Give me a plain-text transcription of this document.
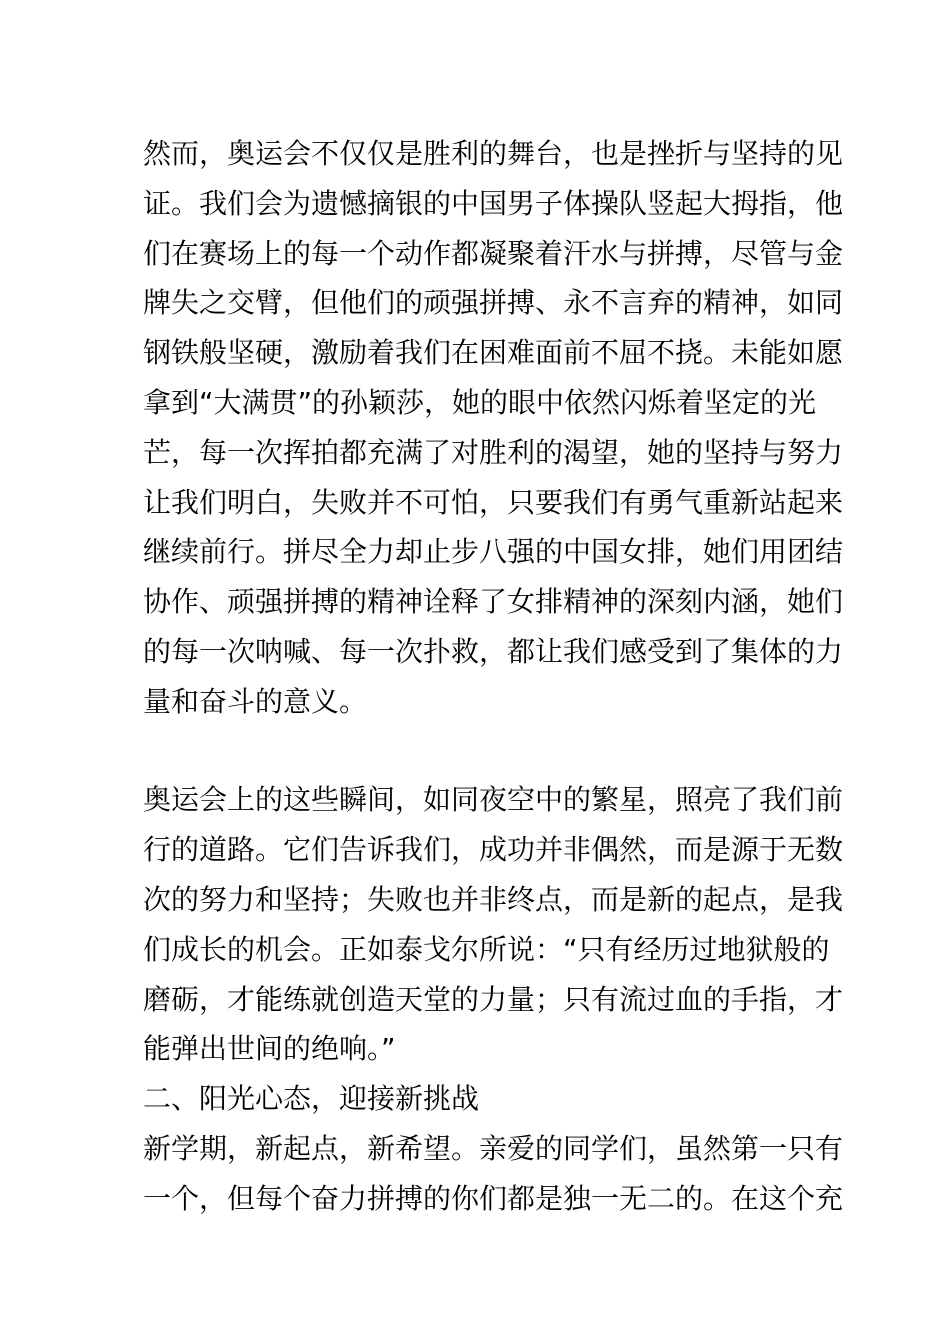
然而，奥运会不仅仅是胜利的舞台，也是挫折与坚持的见

证。我们会为遗憾摘银的中国男子体操队竖起大拇指，他

们在赛场上的每一个动作都凝聚着汗水与拼搏，尽管与金

牌失之交臂，但他们的顽强拼搏、永不言弃的精神，如同

钢铁般坚硬，激励着我们在困难面前不屈不挠。未能如愿

拿到“大满贯”的孙颖莎，她的眼中依然闪烁着坚定的光

芒，每一次挥拍都充满了对胜利的渴望，她的坚持与努力

让我们明白，失败并不可怕，只要我们有勇气重新站起来

继续前行。拼尽全力却止步八强的中国女排，她们用团结

协作、顽强拼搏的精神诠释了女排精神的深刻内涵，她们

的每一次呐喊、每一次扑救，都让我们感受到了集体的力

量和奋斗的意义。

奥运会上的这些瞬间，如同夜空中的繁星，照亮了我们前

行的道路。它们告诉我们，成功并非偶然，而是源于无数

次的努力和坚持；失败也并非终点，而是新的起点，是我

们成长的机会。正如泰戈尔所说：“只有经历过地狱般的

磨砺，才能练就创造天堂的力量；只有流过血的手指，才

能弹出世间的绝响。”

二、阳光心态，迎接新挑战

新学期，新起点，新希望。亲爱的同学们，虽然第一只有

一个，但每个奋力拼搏的你们都是独一无二的。在这个充
